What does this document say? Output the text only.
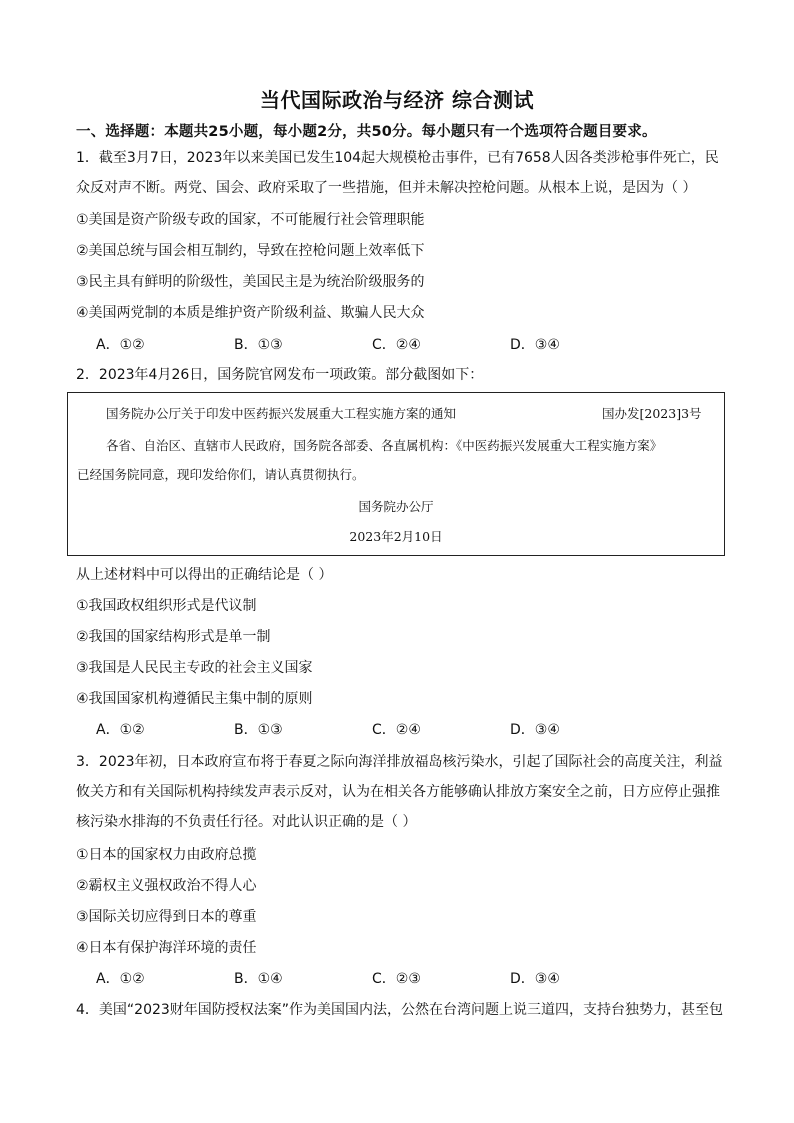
当代国际政治与经济 综合测试
一、选择题：本题共25小题，每小题2分，共50分。每小题只有一个选项符合题目要求。
1．截至3月7日，2023年以来美国已发生104起大规模枪击事件，已有7658人因各类涉枪事件死亡，民
众反对声不断。两党、国会、政府采取了一些措施，但并未解决控枪问题。从根本上说，是因为（ ）
①美国是资产阶级专政的国家，不可能履行社会管理职能
②美国总统与国会相互制约，导致在控枪问题上效率低下
③民主具有鲜明的阶级性，美国民主是为统治阶级服务的
④美国两党制的本质是维护资产阶级利益、欺骗人民大众
A．①②	B．①③	C．②④	D．③④
2．2023年4月26日，国务院官网发布一项政策。部分截图如下：
国务院办公厅关于印发中医药振兴发展重大工程实施方案的通知	国办发[2023]3号
各省、自治区、直辖市人民政府，国务院各部委、各直属机构：《中医药振兴发展重大工程实施方案》
已经国务院同意，现印发给你们，请认真贯彻执行。
国务院办公厅
2023年2月10日
从上述材料中可以得出的正确结论是（ ）
①我国政权组织形式是代议制
②我国的国家结构形式是单一制
③我国是人民民主专政的社会主义国家
④我国国家机构遵循民主集中制的原则
A．①②	B．①③	C．②④	D．③④
3．2023年初，日本政府宣布将于春夏之际向海洋排放福岛核污染水，引起了国际社会的高度关注，利益
攸关方和有关国际机构持续发声表示反对，认为在相关各方能够确认排放方案安全之前，日方应停止强推
核污染水排海的不负责任行径。对此认识正确的是（ ）
①日本的国家权力由政府总揽
②霸权主义强权政治不得人心
③国际关切应得到日本的尊重
④日本有保护海洋环境的责任
A．①②	B．①④	C．②③	D．③④
4．美国“2023财年国防授权法案”作为美国国内法，公然在台湾问题上说三道四，支持台独势力，甚至包
